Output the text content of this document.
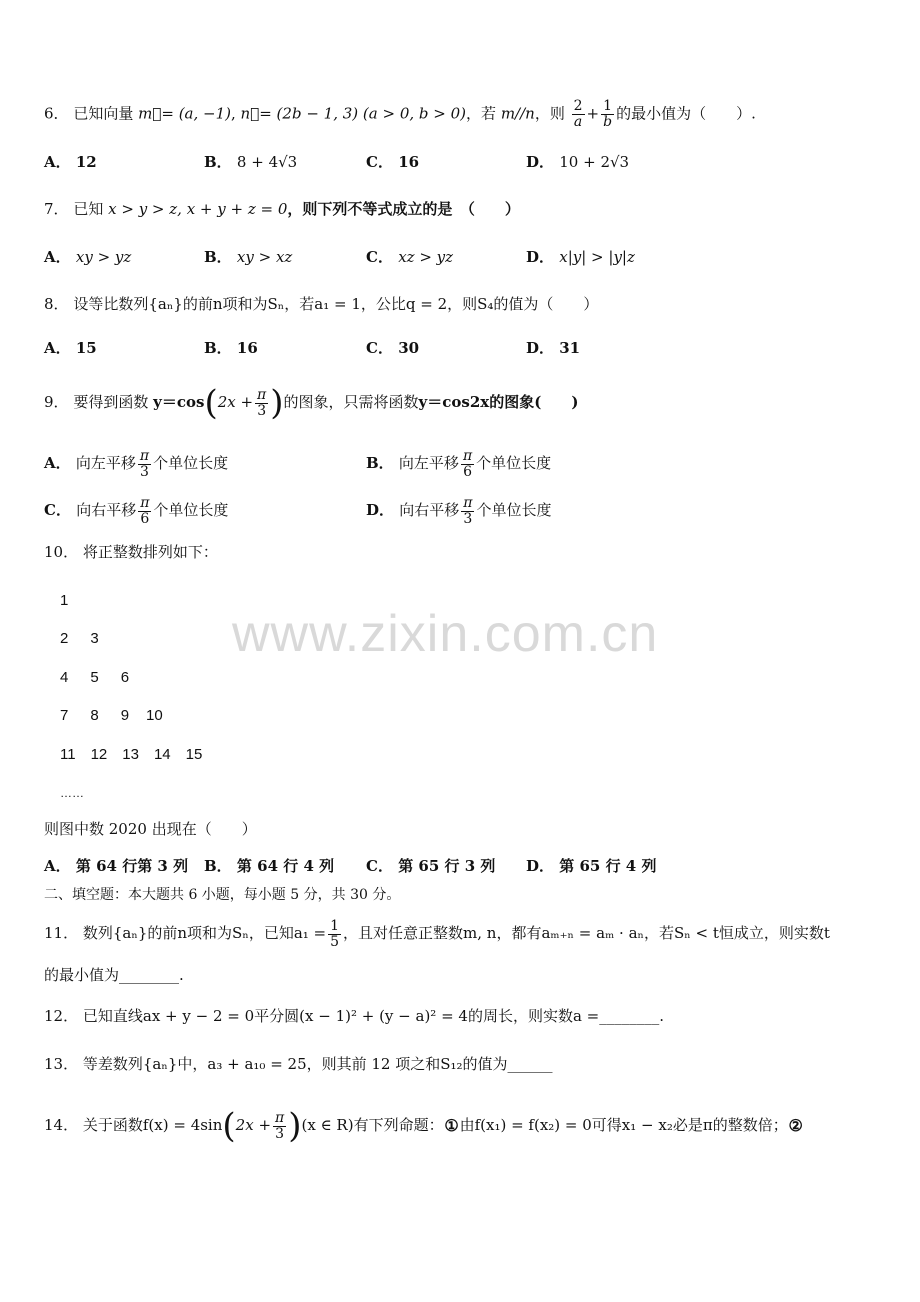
www.zixin.com.cn
6． 已知向量 m⃗= (a, −1), n⃗= (2b − 1, 3) (a > 0, b > 0)，若 m//n，则 $\frac{2}{a} + \frac{1}{b}$ 的最小值为（　　）.
A． 12	B． 8 + 4√3	C． 16	D． 10 + 2√3
7． 已知 x > y > z, x + y + z = 0，则下列不等式成立的是　（　　）
A． xy > yz	B． xy > xz	C． xz > yz	D． x|y| > |y|z
8． 设等比数列{aₙ}的前n项和为Sₙ，若a₁ = 1，公比q = 2，则S₄的值为（　　）
A． 15	B． 16	C． 30	D． 31
9． 要得到函数 $y=\cos(2x + \frac{\pi}{3}$ )的图象，只需将函数y＝cos2x的图象(　　)
A． 向左平移 $\frac{\pi}{3}$ 个单位长度	B． 向左平移 $\frac{\pi}{6}$ 个单位长度
C． 向右平移 $\frac{\pi}{6}$ 个单位长度	D． 向右平移 $\frac{\pi}{3}$ 个单位长度
10． 将正整数排列如下：
1
2 3
4 5 6
7 8 9 10
11 12 13 14 15
……
则图中数 2020 出现在（　　）
A． 第 64 行第 3 列 B． 第 64 行 4 列 C． 第 65 行 3 列 D． 第 65 行 4 列
二、填空题：本大题共 6 小题，每小题 5 分，共 30 分。
11． 数列{aₙ}的前n项和为Sₙ，已知$a_1 = \frac{1}{5}$ ，且对任意正整数m, n，都有aₘ₊ₙ = aₘ · aₙ，若Sₙ < t恒成立，则实数t
的最小值为________.
12． 已知直线ax + y − 2 = 0平分圆(x − 1)² + (y − a)² = 4的周长，则实数a =________.
13． 等差数列{aₙ}中，a₃ + a₁₀ = 25，则其前 12 项之和S₁₂的值为______
14． 关于函数$f(x) = 4\sin(2x + \frac{\pi}{3} )(x$ ∈ R)有下列命题：①由f(x₁) = f(x₂) = 0可得x₁ − x₂必是π的整数倍；②
